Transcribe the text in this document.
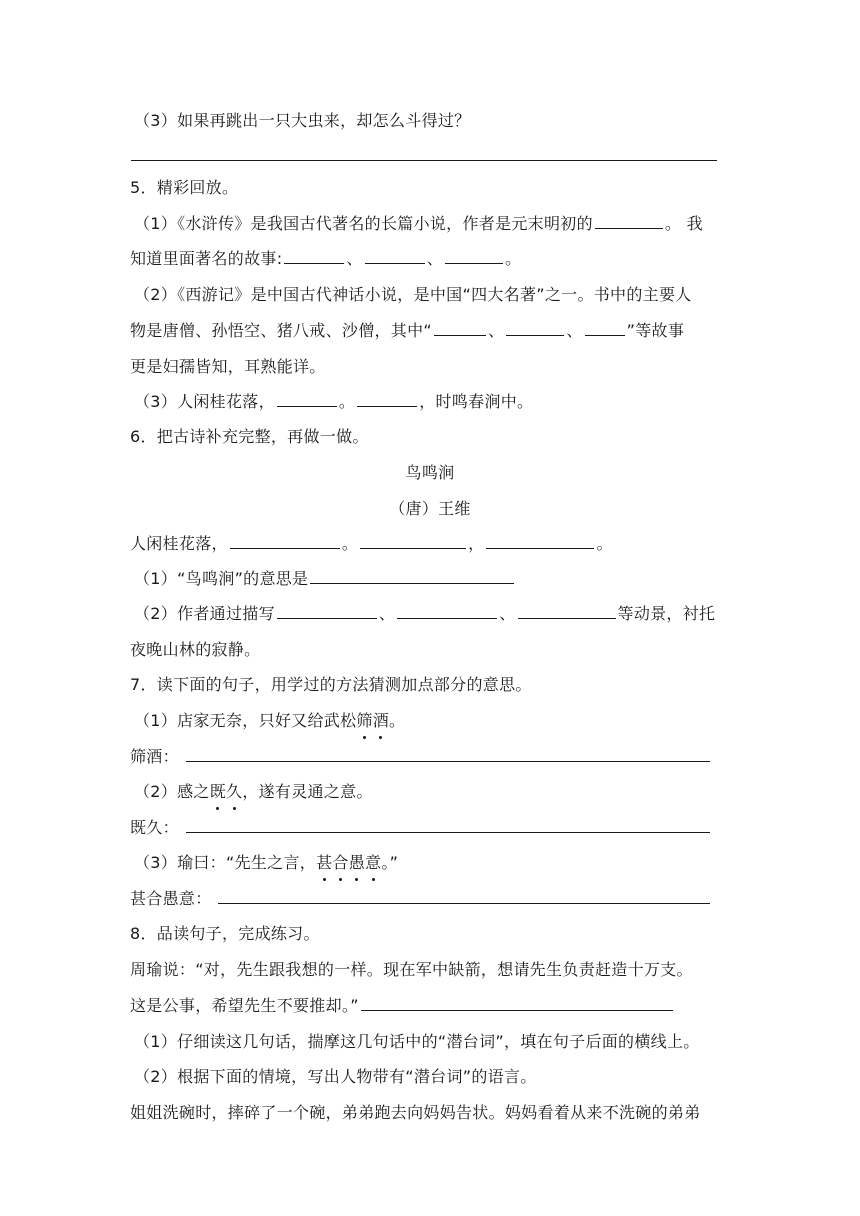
（3）如果再跳出一只大虫来，却怎么斗得过？
5．精彩回放。
（1）《水浒传》是我国古代著名的长篇小说，作者是元末明初的	。 我
知道里面著名的故事:	、	、	。
（2）《西游记》是中国古代神话小说，是中国“四大名著”之一。书中的主要人
物是唐僧、孙悟空、猪八戒、沙僧，其中“	、	、	”等故事
更是妇孺皆知，耳熟能详。
（3）人闲桂花落，	。	，时鸣春涧中。
6．把古诗补充完整，再做一做。
鸟鸣涧
（唐）王维
人闲桂花落，	。	，	。
（1）“鸟鸣涧”的意思是
（2）作者通过描写	、	、	等动景，衬托
夜晚山林的寂静。
7．读下面的句子，用学过的方法猜测加点部分的意思。
（1）店家无奈，只好又给武松筛酒。
筛酒：
（2）感之既久，遂有灵通之意。
既久：
（3）瑜曰：“先生之言，甚合愚意。”
甚合愚意：
8．品读句子，完成练习。
周瑜说：“对，先生跟我想的一样。现在军中缺箭，想请先生负责赶造十万支。
这是公事，希望先生不要推却。”
（1）仔细读这几句话，揣摩这几句话中的“潜台词”，填在句子后面的横线上。
（2）根据下面的情境，写出人物带有“潜台词”的语言。
姐姐洗碗时，摔碎了一个碗，弟弟跑去向妈妈告状。妈妈看着从来不洗碗的弟弟
